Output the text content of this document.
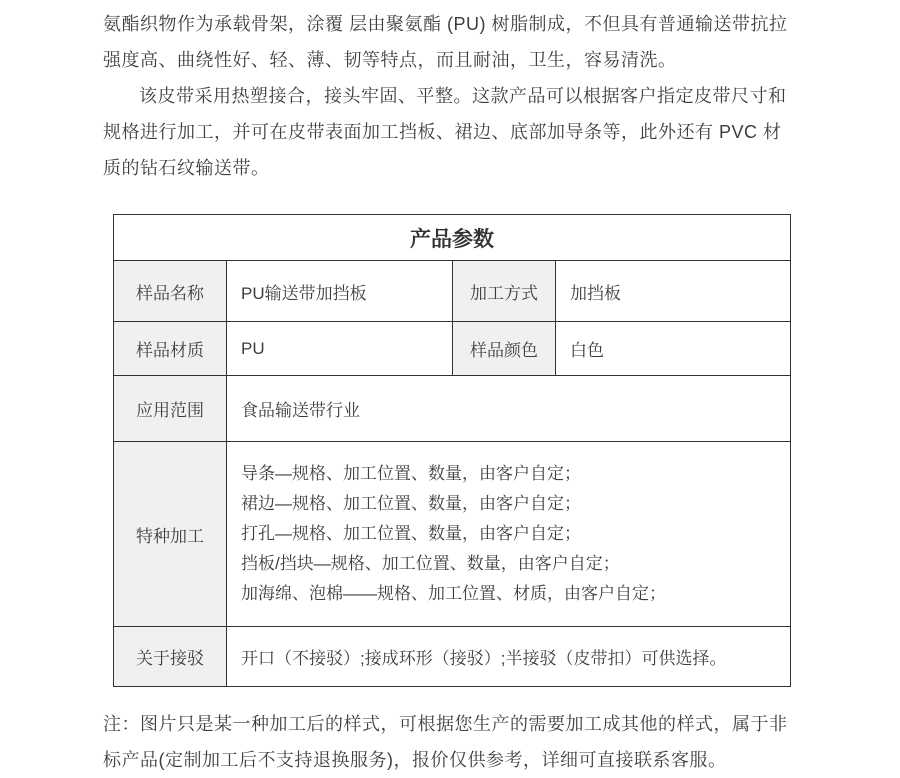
氨酯织物作为承载骨架，涂覆 层由聚氨酯 (PU) 树脂制成，不但具有普通输送带抗拉强度高、曲绕性好、轻、薄、韧等特点，而且耐油，卫生，容易清洗。

该皮带采用热塑接合，接头牢固、平整。这款产品可以根据客户指定皮带尺寸和规格进行加工，并可在皮带表面加工挡板、裙边、底部加导条等，此外还有 PVC 材质的钻石纹输送带。

产品参数			
样品名称	PU输送带加挡板	加工方式	加挡板
样品材质	PU	样品颜色	白色
应用范围	食品输送带行业		
特种加工	导条—规格、加工位置、数量，由客户自定；
裙边—规格、加工位置、数量，由客户自定；
打孔—规格、加工位置、数量，由客户自定；
挡板/挡块—规格、加工位置、数量，由客户自定；
加海绵、泡棉——规格、加工位置、材质，由客户自定；		

关于接驳	开口（不接驳）;接成环形（接驳）;半接驳（皮带扣）可供选择。		
注：图片只是某一种加工后的样式，可根据您生产的需要加工成其他的样式，属于非标产品(定制加工后不支持退换服务)，报价仅供参考，详细可直接联系客服。
